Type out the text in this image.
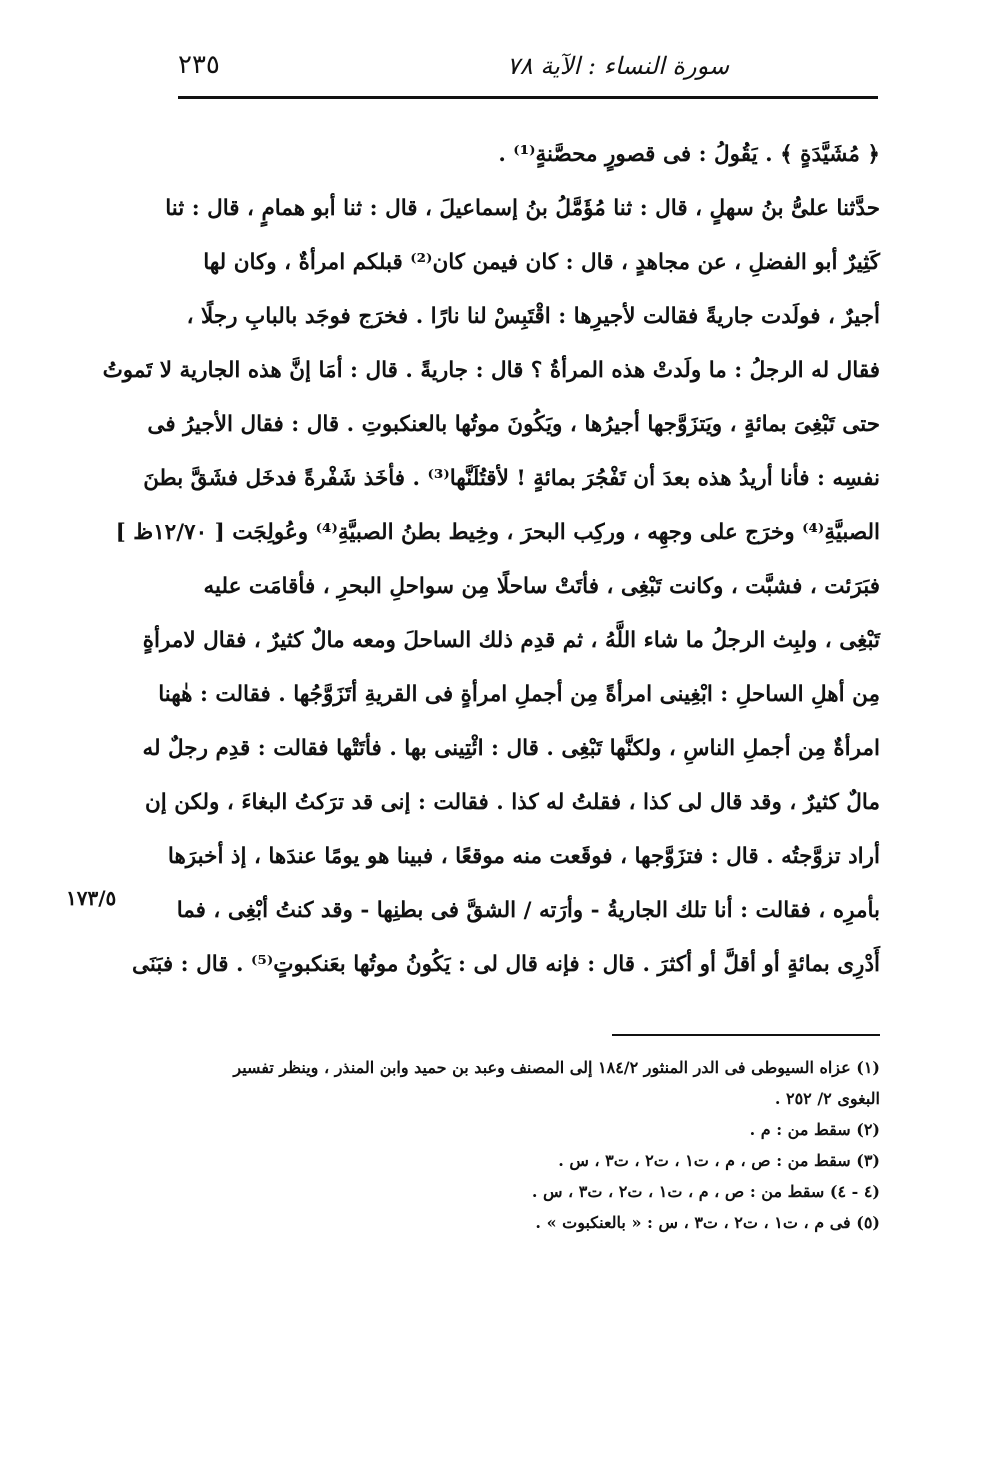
٢٣٥	سورة النساء : الآية ٧٨
﴿ مُشَيَّدَةٍ ﴾ . يَقُولُ : فى قصورٍ محصَّنةٍ⁽¹⁾ .
حدَّثنا علىُّ بنُ سهلٍ ، قال : ثنا مُؤَمَّلُ بنُ إسماعيلَ ، قال : ثنا أبو همامٍ ، قال : ثنا
كَثِيرٌ أبو الفضلِ ، عن مجاهدٍ ، قال : كان فيمن كان⁽²⁾ قبلكم امرأةٌ ، وكان لها
أجيرٌ ، فولَدت جاريةً فقالت لأجيرِها : اقْتَبِسْ لنا نارًا . فخرَج فوجَد بالبابِ رجلًا ،
فقال له الرجلُ : ما ولَدتْ هذه المرأةُ ؟ قال : جاريةً . قال : أمَا إنَّ هذه الجارية لا تَموتُ
حتى تَبْغِىَ بمائةٍ ، ويَتزَوَّجها أجيرُها ، ويَكُونَ موتُها بالعنكبوتِ . قال : فقال الأجيرُ فى
نفسِه : فأنا أريدُ هذه بعدَ أن تَفْجُرَ بمائةٍ ! لأقتُلَنَّها⁽³⁾ . فأخَذ شَفْرةً فدخَل فشَقَّ بطنَ
الصبيَّةِ⁽⁴⁾ وخرَج على وجهِه ، وركِب البحرَ ، وخِيط بطنُ الصبيَّةِ⁽⁴⁾ وعُولِجَت [ ١٢/٧٠ظ ]
فبَرَئت ، فشبَّت ، وكانت تَبْغِى ، فأتَتْ ساحلًا مِن سواحلِ البحرِ ، فأقامَت عليه
تَبْغِى ، ولبِث الرجلُ ما شاء اللَّهُ ، ثم قدِم ذلك الساحلَ ومعه مالٌ كثيرٌ ، فقال لامرأةٍ
مِن أهلِ الساحلِ : ابْغِينى امرأةً مِن أجملِ امرأةٍ فى القريةِ أتَزَوَّجُها . فقالت : هٰهنا
امرأةٌ مِن أجملِ الناسِ ، ولكنَّها تَبْغِى . قال : ائْتِينى بها . فأتَتْها فقالت : قدِم رجلٌ له
مالٌ كثيرٌ ، وقد قال لى كذا ، فقلتُ له كذا . فقالت : إنى قد ترَكتُ البغاءَ ، ولكن إن
أراد تزوَّجتُه . قال : فتزَوَّجها ، فوقَعت منه موقعًا ، فبينا هو يومًا عندَها ، إذ أخبرَها
بأمرِه ، فقالت : أنا تلك الجاريةُ - وأرَته / الشقَّ فى بطنِها - وقد كنتُ أبْغِى ، فما
أَدْرِى بمائةٍ أو أقلَّ أو أكثرَ . قال : فإنه قال لى : يَكُونُ موتُها بعَنكبوتٍ⁽⁵⁾ . قال : فبَنَى
١٧٣/٥
(١) عزاه السيوطى فى الدر المنثور ١٨٤/٢ إلى المصنف وعبد بن حميد وابن المنذر ، وينظر تفسير
البغوى ٢/ ٢٥٢ .
(٢) سقط من : م .
(٣) سقط من : ص ، م ، ت١ ، ت٢ ، ت٣ ، س .
(٤ - ٤) سقط من : ص ، م ، ت١ ، ت٢ ، ت٣ ، س .
(٥) فى م ، ت١ ، ت٢ ، ت٣ ، س : « بالعنكبوت » .
